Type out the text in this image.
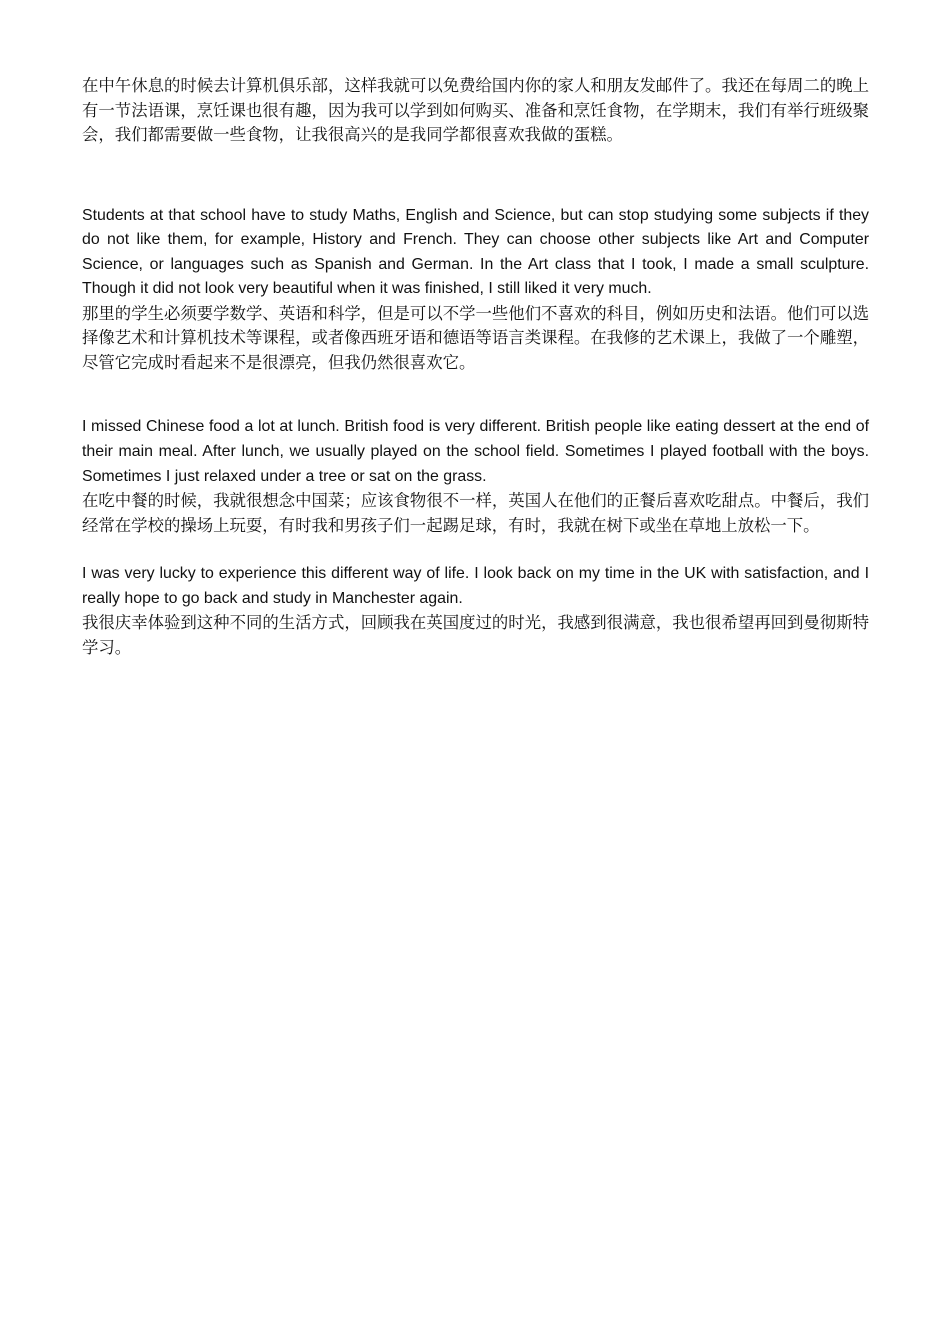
在中午休息的时候去计算机俱乐部，这样我就可以免费给国内你的家人和朋友发邮件了。我还在每周二的晚上有一节法语课，烹饪课也很有趣，因为我可以学到如何购买、准备和烹饪食物，在学期末，我们有举行班级聚会，我们都需要做一些食物，让我很高兴的是我同学都很喜欢我做的蛋糕。

Students at that school have to study Maths, English and Science, but can stop studying some subjects if they do not like them, for example, History and French. They can choose other subjects like Art and Computer Science, or languages such as Spanish and German. In the Art class that I took, I made a small sculpture. Though it did not look very beautiful when it was finished, I still liked it very much.

那里的学生必须要学数学、英语和科学，但是可以不学一些他们不喜欢的科目，例如历史和法语。他们可以选择像艺术和计算机技术等课程，或者像西班牙语和德语等语言类课程。在我修的艺术课上，我做了一个雕塑，尽管它完成时看起来不是很漂亮，但我仍然很喜欢它。

I missed Chinese food a lot at lunch. British food is very different. British people like eating dessert at the end of their main meal. After lunch, we usually played on the school field. Sometimes I played football with the boys. Sometimes I just relaxed under a tree or sat on the grass.

在吃中餐的时候，我就很想念中国菜；应该食物很不一样，英国人在他们的正餐后喜欢吃甜点。中餐后，我们经常在学校的操场上玩耍，有时我和男孩子们一起踢足球，有时，我就在树下或坐在草地上放松一下。

I was very lucky to experience this different way of life. I look back on my time in the UK with satisfaction, and I really hope to go back and study in Manchester again.

我很庆幸体验到这种不同的生活方式，回顾我在英国度过的时光，我感到很满意，我也很希望再回到曼彻斯特学习。
